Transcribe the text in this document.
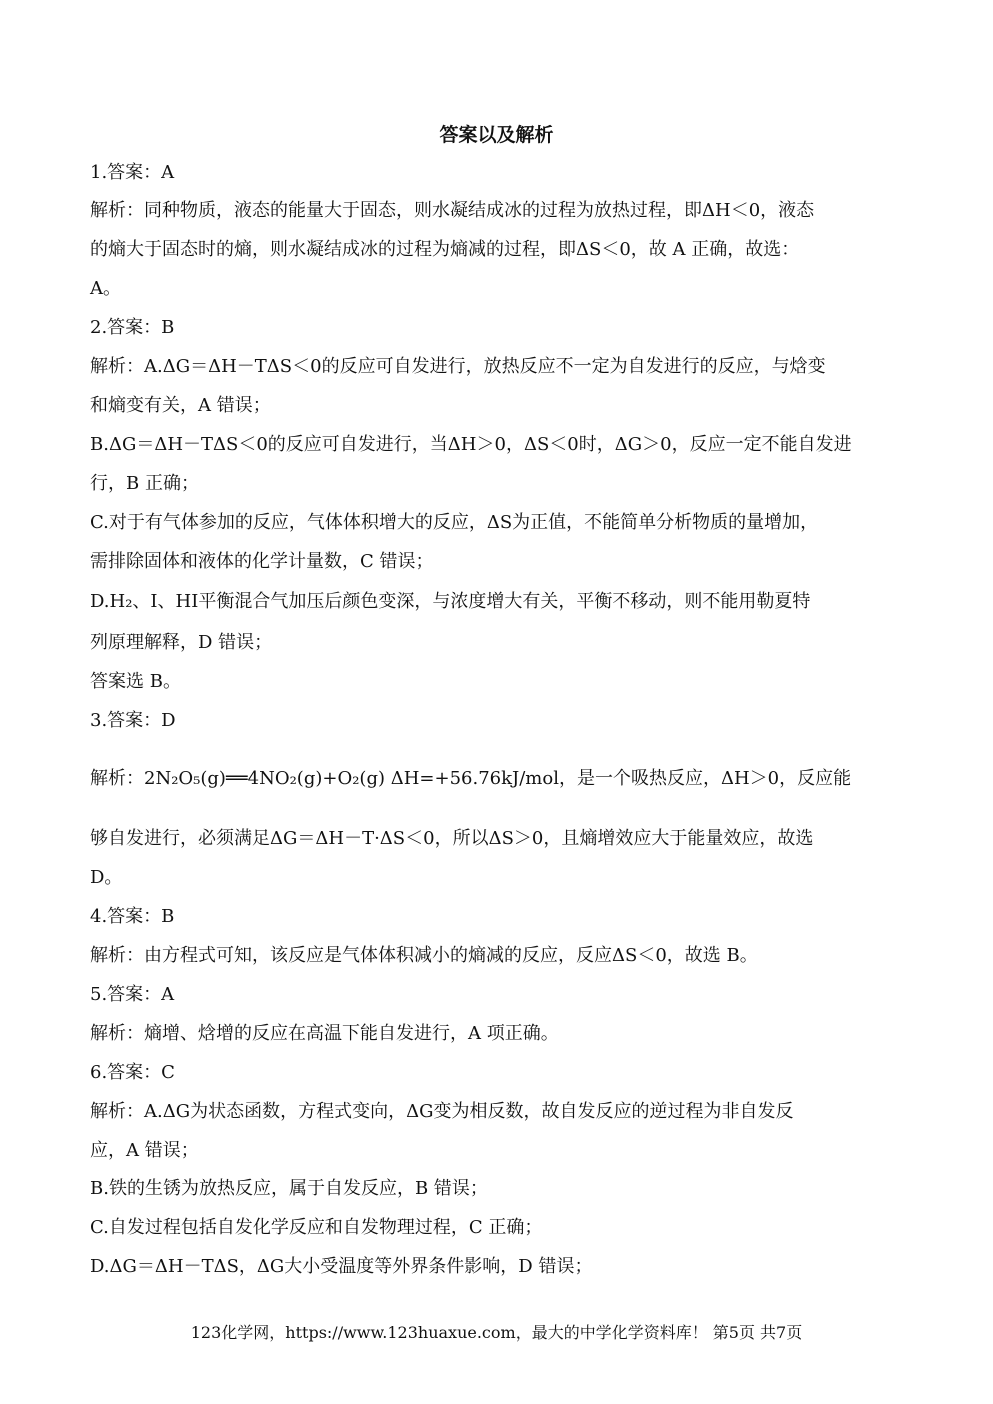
答案以及解析
1.答案：A
解析：同种物质，液态的能量大于固态，则水凝结成冰的过程为放热过程，即ΔH＜0，液态
的熵大于固态时的熵，则水凝结成冰的过程为熵减的过程，即ΔS＜0，故 A 正确，故选：
A。
2.答案：B
解析：A.ΔG＝ΔH－TΔS＜0的反应可自发进行，放热反应不一定为自发进行的反应，与焓变
和熵变有关，A 错误；
B.ΔG＝ΔH－TΔS＜0的反应可自发进行，当ΔH＞0，ΔS＜0时，ΔG＞0，反应一定不能自发进
行，B 正确；
C.对于有气体参加的反应，气体体积增大的反应，ΔS为正值，不能简单分析物质的量增加，
需排除固体和液体的化学计量数，C 错误；
D.H₂、I、HI平衡混合气加压后颜色变深，与浓度增大有关，平衡不移动，则不能用勒夏特
列原理解释，D 错误；
答案选 B。
3.答案：D
解析：2N₂O₅(g)══4NO₂(g)+O₂(g) ΔH=+56.76kJ/mol，是一个吸热反应，ΔH＞0，反应能
够自发进行，必须满足ΔG＝ΔH－T·ΔS＜0，所以ΔS＞0，且熵增效应大于能量效应，故选
D。
4.答案：B
解析：由方程式可知，该反应是气体体积减小的熵减的反应，反应ΔS＜0，故选 B。
5.答案：A
解析：熵增、焓增的反应在高温下能自发进行，A 项正确。
6.答案：C
解析：A.ΔG为状态函数，方程式变向，ΔG变为相反数，故自发反应的逆过程为非自发反
应，A 错误；
B.铁的生锈为放热反应，属于自发反应，B 错误；
C.自发过程包括自发化学反应和自发物理过程，C 正确；
D.ΔG＝ΔH－TΔS，ΔG大小受温度等外界条件影响，D 错误；
123化学网，https://www.123huaxue.com，最大的中学化学资料库！ 第5页 共7页
